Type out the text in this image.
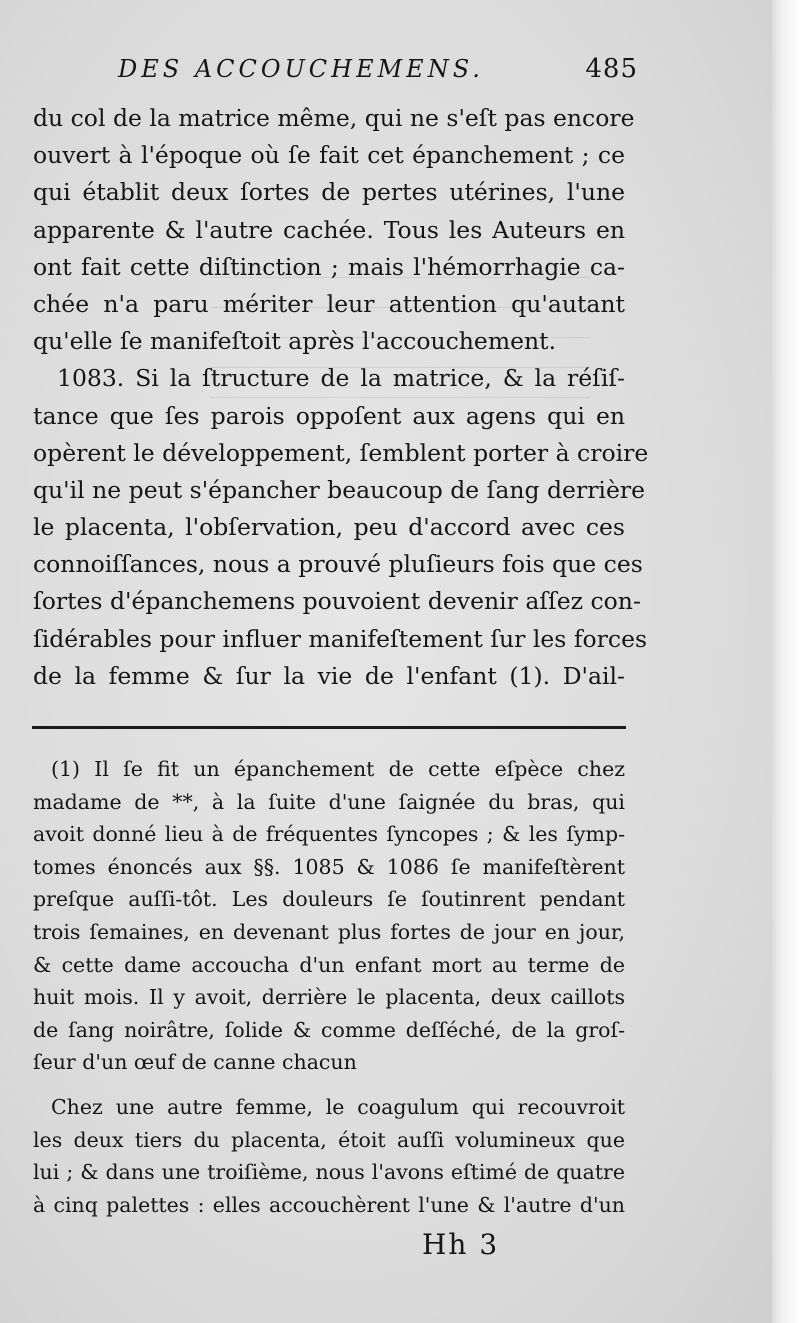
DES ACCOUCHEMENS.	485
du col de la matrice même, qui ne s'eſt pas encore
ouvert à l'époque où ſe fait cet épanchement ; ce
qui établit deux ſortes de pertes utérines, l'une
apparente & l'autre cachée. Tous les Auteurs en
ont fait cette diſtinction ; mais l'hémorrhagie ca-
chée n'a paru mériter leur attention qu'autant
qu'elle ſe manifeſtoit après l'accouchement.
1083. Si la ſtructure de la matrice, & la réſiſ-
tance que ſes parois oppoſent aux agens qui en
opèrent le développement, ſemblent porter à croire
qu'il ne peut s'épancher beaucoup de ſang derrière
le placenta, l'obſervation, peu d'accord avec ces
connoiſſances, nous a prouvé pluſieurs fois que ces
ſortes d'épanchemens pouvoient devenir aſſez con-
ſidérables pour influer manifeſtement ſur les forces
de la femme & ſur la vie de l'enfant (1). D'ail-
(1) Il ſe fit un épanchement de cette eſpèce chez
madame de **, à la ſuite d'une ſaignée du bras, qui
avoit donné lieu à de fréquentes ſyncopes ; & les ſymp-
tomes énoncés aux §§. 1085 & 1086 ſe manifeſtèrent
preſque auſſi-tôt. Les douleurs ſe ſoutinrent pendant
trois ſemaines, en devenant plus fortes de jour en jour,
& cette dame accoucha d'un enfant mort au terme de
huit mois. Il y avoit, derrière le placenta, deux caillots
de ſang noirâtre, ſolide & comme deſſéché, de la groſ-
ſeur d'un œuf de canne chacun
Chez une autre femme, le coagulum qui recouvroit
les deux tiers du placenta, étoit auſſi volumineux que
lui ; & dans une troiſième, nous l'avons eſtimé de quatre
à cinq palettes : elles accouchèrent l'une & l'autre d'un
Hh 3
